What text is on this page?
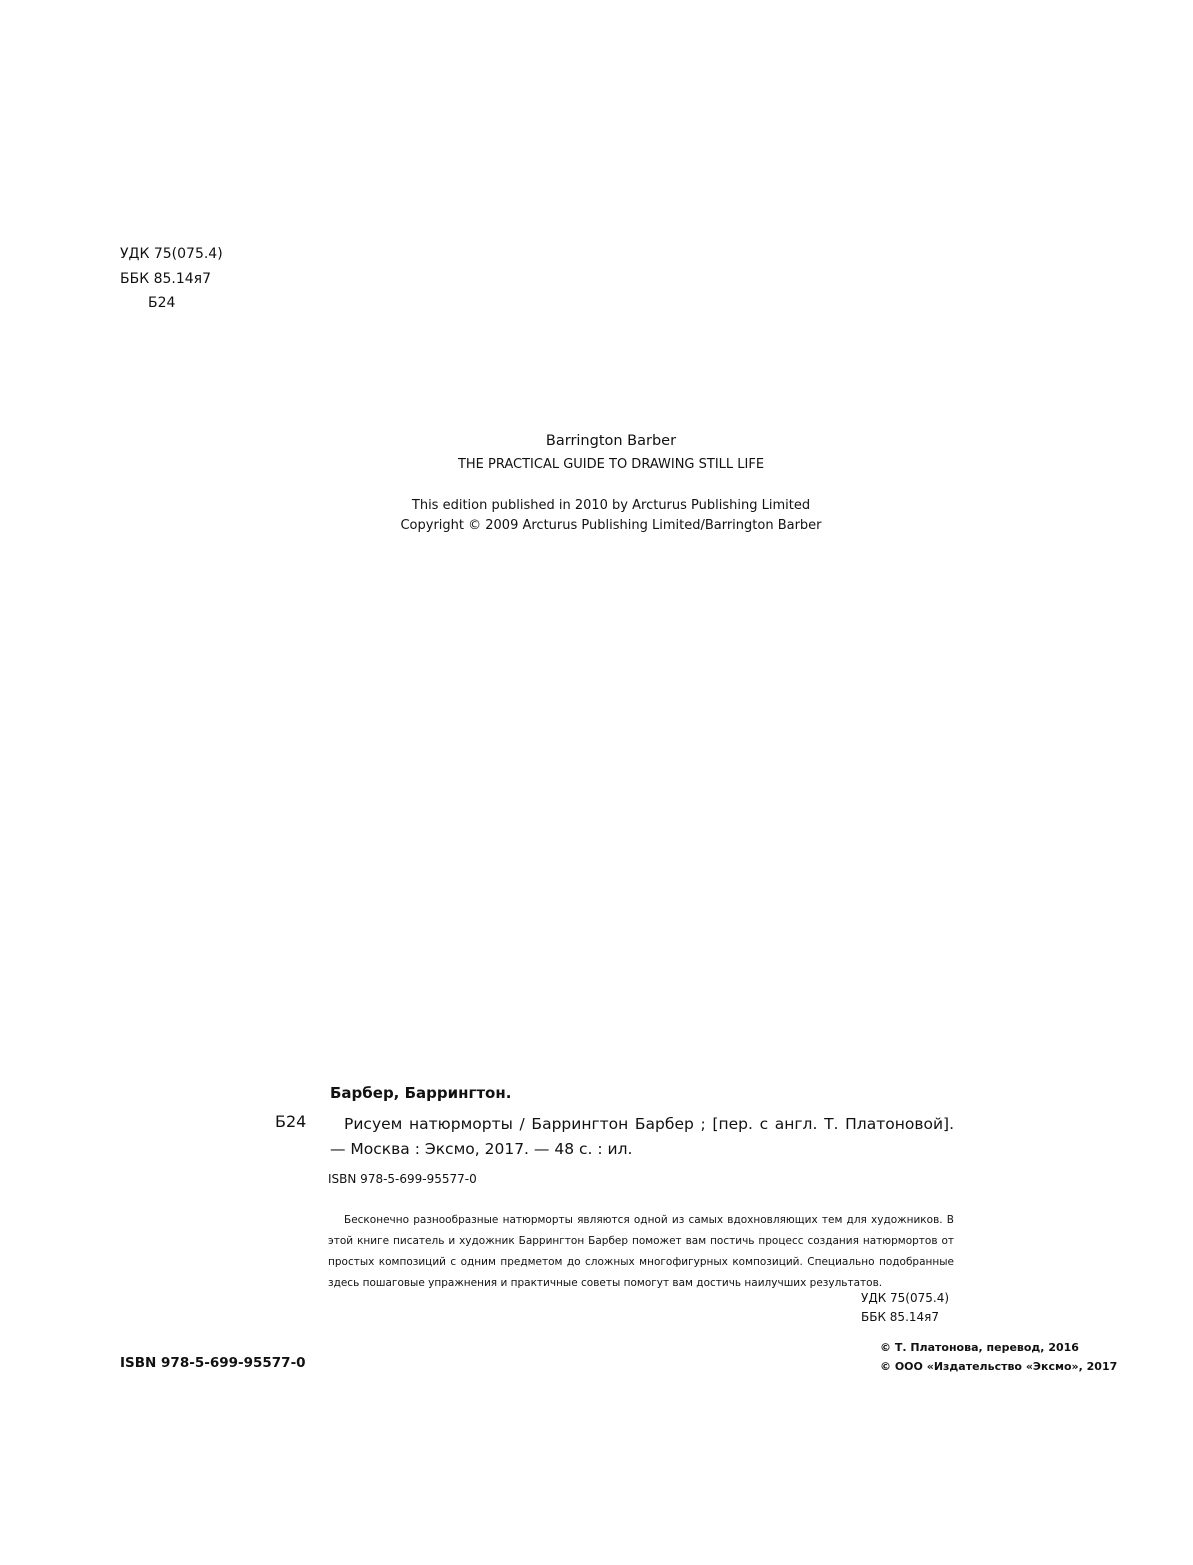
УДК 75(075.4)
ББК 85.14я7
Б24
Barrington Barber
THE PRACTICAL GUIDE TO DRAWING STILL LIFE
This edition published in 2010 by Arcturus Publishing Limited
Copyright © 2009 Arcturus Publishing Limited/Barrington Barber
Барбер, Баррингтон.
Б24	Рисуем натюрморты / Баррингтон Барбер ; [пер. с англ. Т. Платоновой]. — Москва : Эксмо, 2017. — 48 с. : ил.
ISBN 978-5-699-95577-0
Бесконечно разнообразные натюрморты являются одной из самых вдохновляющих тем для художников. В этой книге писатель и художник Баррингтон Барбер поможет вам постичь процесс создания натюрмортов от простых композиций с одним предметом до сложных многофигурных композиций. Специально подобранные здесь пошаговые упражнения и практичные советы помогут вам достичь наилучших результатов.
УДК 75(075.4)
ББК 85.14я7
ISBN 978-5-699-95577-0
© Т. Платонова, перевод, 2016
© ООО «Издательство «Эксмо», 2017
